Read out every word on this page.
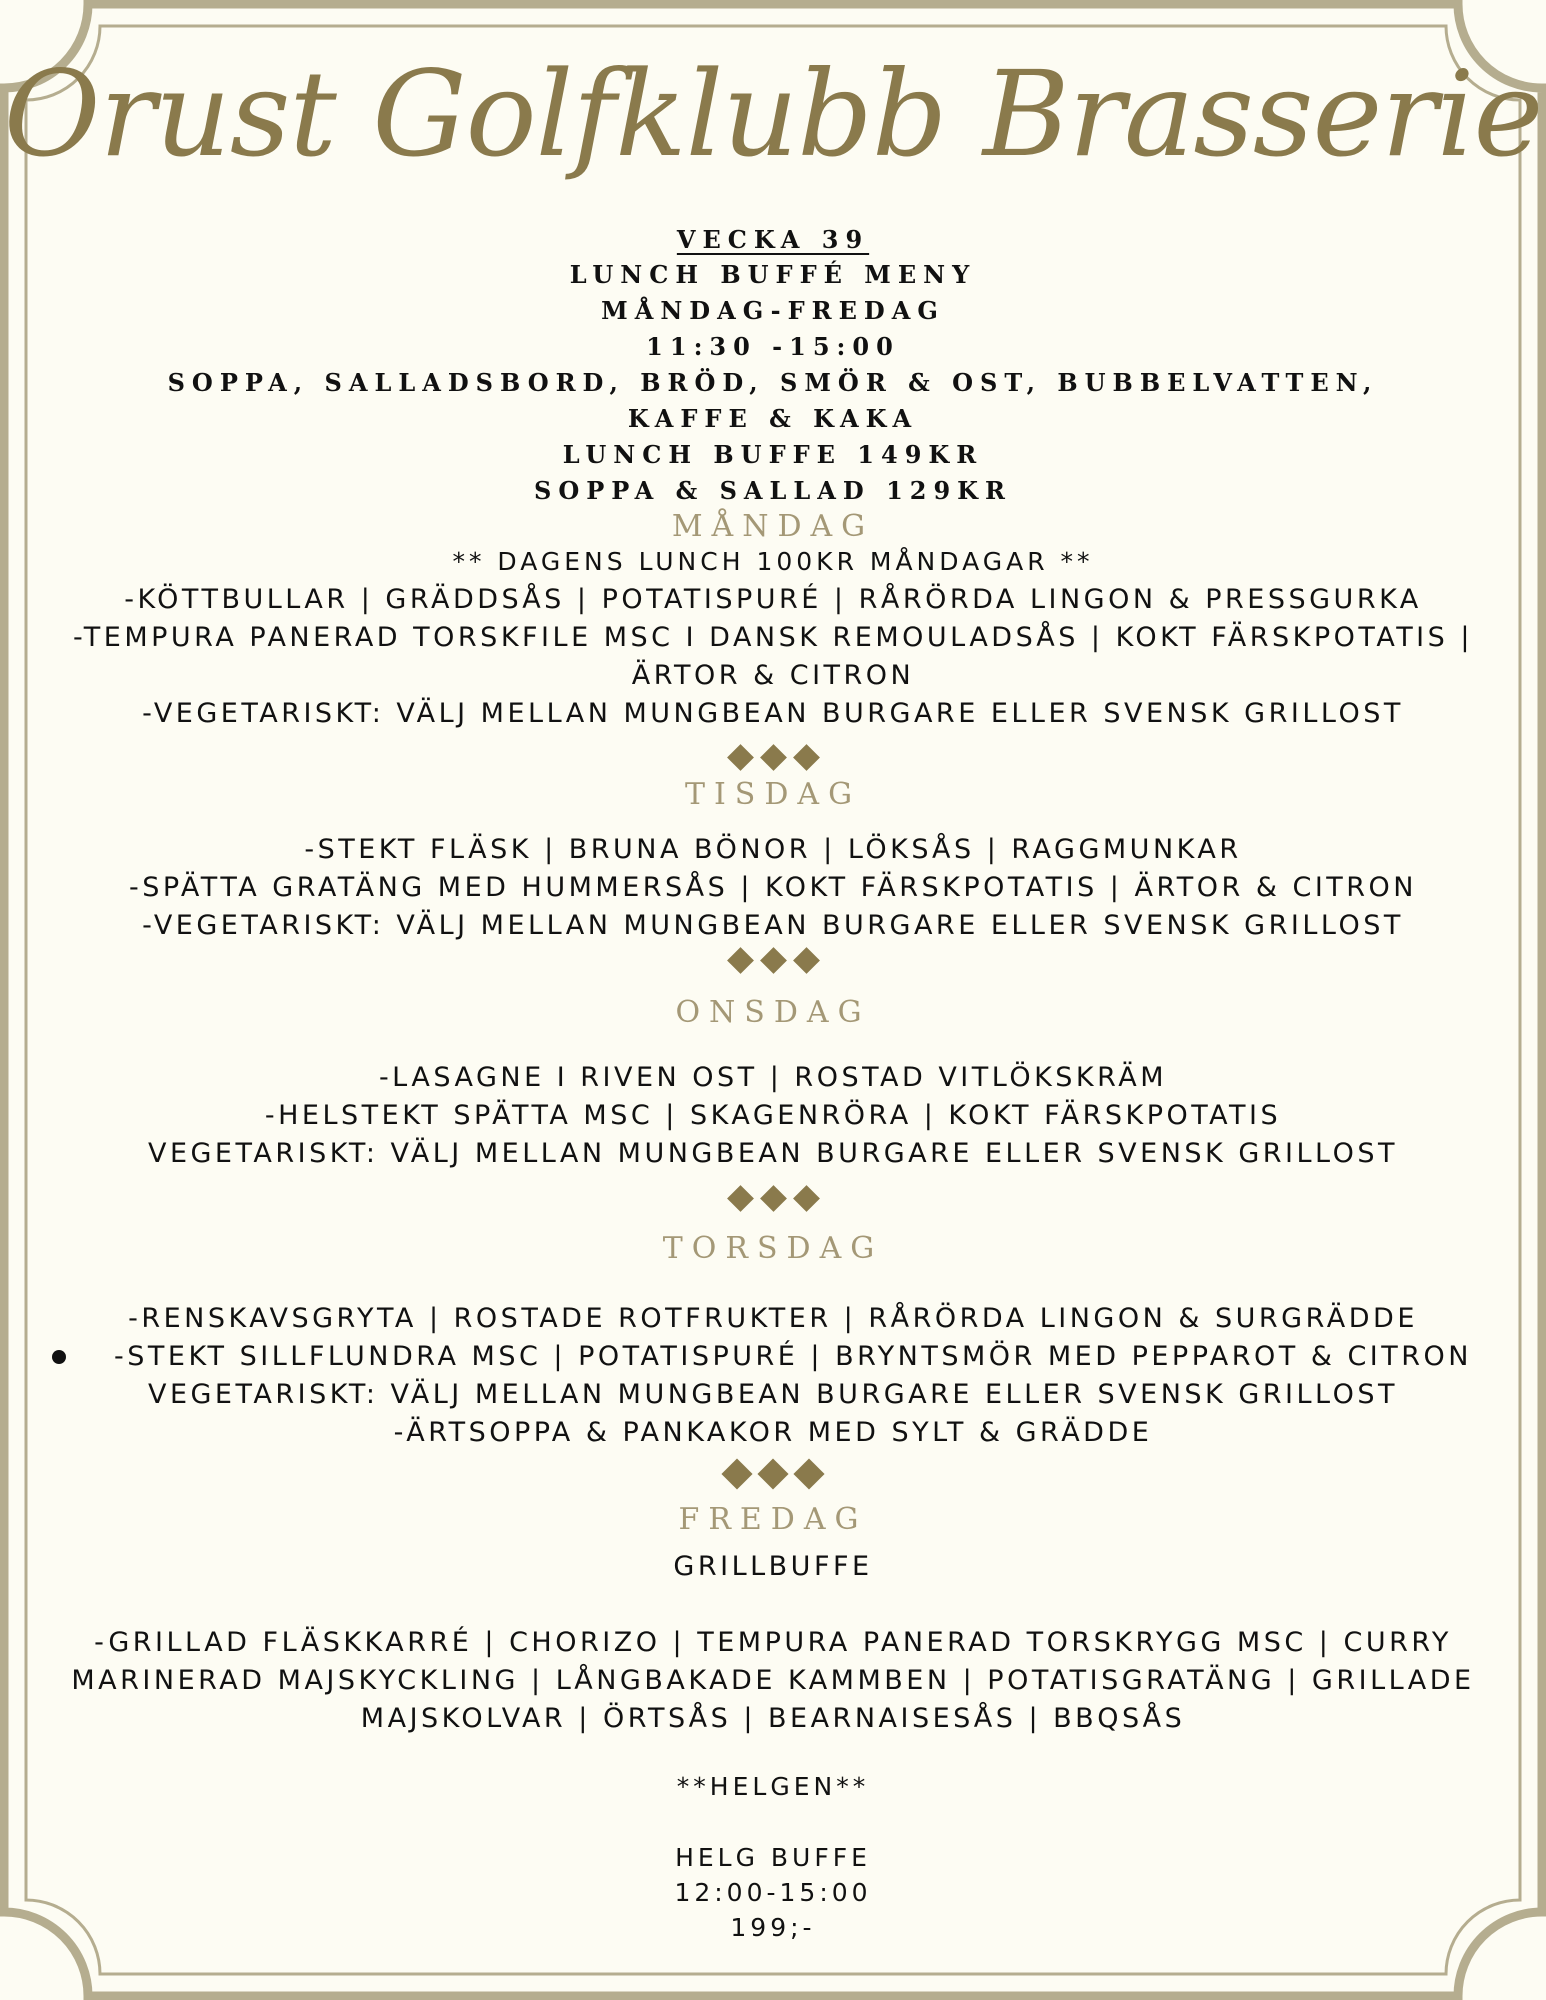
Orust Golfklubb Brasserie
VECKA 39
LUNCH BUFFÉ MENY
MÅNDAG-FREDAG
11:30 -15:00
SOPPA, SALLADSBORD, BRÖD, SMÖR & OST, BUBBELVATTEN,
KAFFE & KAKA
LUNCH BUFFE 149KR
SOPPA & SALLAD 129KR
MÅNDAG
** DAGENS LUNCH 100KR MÅNDAGAR **
-KÖTTBULLAR | GRÄDDSÅS | POTATISPURÉ | RÅRÖRDA LINGON & PRESSGURKA
-TEMPURA PANERAD TORSKFILE MSC I DANSK REMOULADSÅS | KOKT FÄRSKPOTATIS |
ÄRTOR & CITRON
-VEGETARISKT: VÄLJ MELLAN MUNGBEAN BURGARE ELLER SVENSK GRILLOST
TISDAG
-STEKT FLÄSK | BRUNA BÖNOR | LÖKSÅS | RAGGMUNKAR
-SPÄTTA GRATÄNG MED HUMMERSÅS | KOKT FÄRSKPOTATIS | ÄRTOR & CITRON
-VEGETARISKT: VÄLJ MELLAN MUNGBEAN BURGARE ELLER SVENSK GRILLOST
ONSDAG
-LASAGNE I RIVEN OST | ROSTAD VITLÖKSKRÄM
-HELSTEKT SPÄTTA MSC | SKAGENRÖRA | KOKT FÄRSKPOTATIS
VEGETARISKT: VÄLJ MELLAN MUNGBEAN BURGARE ELLER SVENSK GRILLOST
TORSDAG
-RENSKAVSGRYTA | ROSTADE ROTFRUKTER | RÅRÖRDA LINGON & SURGRÄDDE
-STEKT SILLFLUNDRA MSC | POTATISPURÉ | BRYNTSMÖR MED PEPPAROT & CITRON
VEGETARISKT: VÄLJ MELLAN MUNGBEAN BURGARE ELLER SVENSK GRILLOST
-ÄRTSOPPA & PANKAKOR MED SYLT & GRÄDDE
FREDAG
GRILLBUFFE
-GRILLAD FLÄSKKARRÉ | CHORIZO | TEMPURA PANERAD TORSKRYGG MSC | CURRY
MARINERAD MAJSKYCKLING | LÅNGBAKADE KAMMBEN | POTATISGRATÄNG | GRILLADE
MAJSKOLVAR | ÖRTSÅS | BEARNAISESÅS | BBQSÅS
**HELGEN**
HELG BUFFE
12:00-15:00
199;-
